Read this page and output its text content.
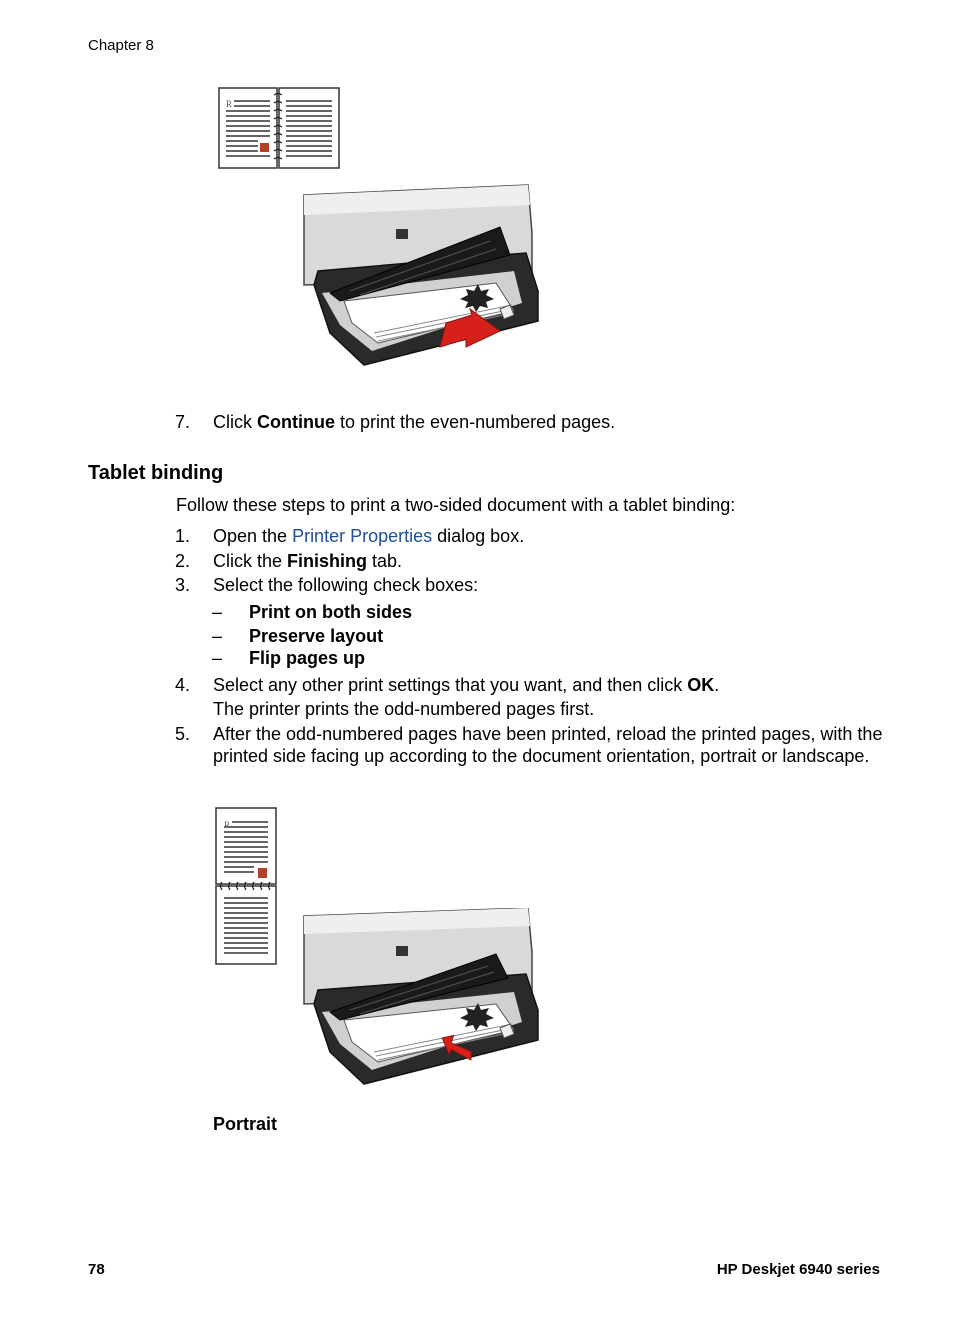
Chapter 8
R
7. Click Continue to print the even-numbered pages.
Tablet binding
Follow these steps to print a two-sided document with a tablet binding:
1. Open the Printer Properties dialog box.
2. Click the Finishing tab.
3. Select the following check boxes:
– Print on both sides
– Preserve layout
– Flip pages up
4. Select any other print settings that you want, and then click OK.
The printer prints the odd-numbered pages first.
5. After the odd-numbered pages have been printed, reload the printed pages, with the
printed side facing up according to the document orientation, portrait or landscape.
R
Portrait
78	HP Deskjet 6940 series
